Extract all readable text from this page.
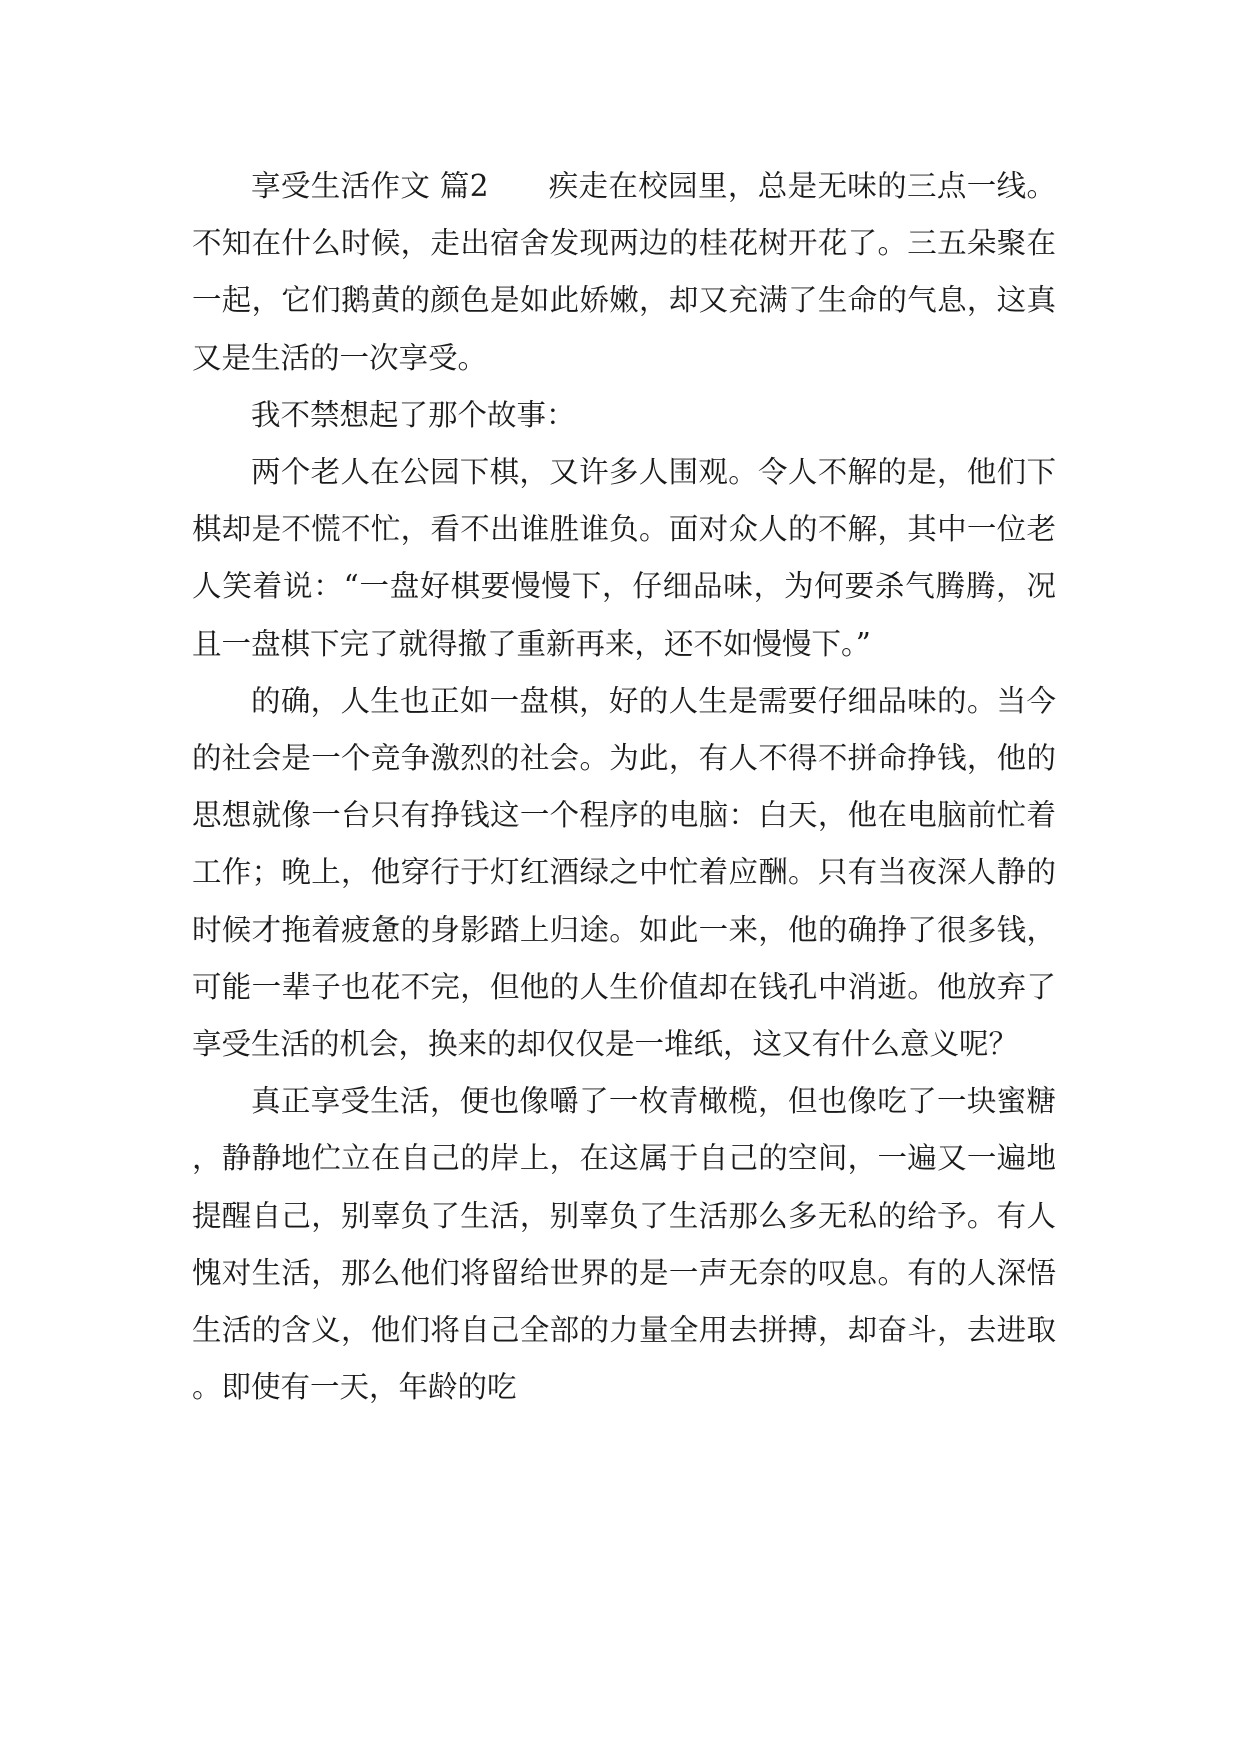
享受生活作文 篇2　　疾走在校园里，总是无味的三点一线。不知在什么时候，走出宿舍发现两边的桂花树开花了。三五朵聚在一起，它们鹅黄的颜色是如此娇嫩，却又充满了生命的气息，这真又是生活的一次享受。

我不禁想起了那个故事：

两个老人在公园下棋，又许多人围观。令人不解的是，他们下棋却是不慌不忙，看不出谁胜谁负。面对众人的不解，其中一位老人笑着说：“一盘好棋要慢慢下，仔细品味，为何要杀气腾腾，况且一盘棋下完了就得撤了重新再来，还不如慢慢下。”

的确，人生也正如一盘棋，好的人生是需要仔细品味的。当今的社会是一个竞争激烈的社会。为此，有人不得不拼命挣钱，他的思想就像一台只有挣钱这一个程序的电脑：白天，他在电脑前忙着工作；晚上，他穿行于灯红酒绿之中忙着应酬。只有当夜深人静的时候才拖着疲惫的身影踏上归途。如此一来，他的确挣了很多钱，可能一辈子也花不完，但他的人生价值却在钱孔中消逝。他放弃了享受生活的机会，换来的却仅仅是一堆纸，这又有什么意义呢？

真正享受生活，便也像嚼了一枚青橄榄，但也像吃了一块蜜糖，静静地伫立在自己的岸上，在这属于自己的空间，一遍又一遍地提醒自己，别辜负了生活，别辜负了生活那么多无私的给予。有人愧对生活，那么他们将留给世界的是一声无奈的叹息。有的人深悟生活的含义，他们将自己全部的力量全用去拼搏，却奋斗，去进取。即使有一天，年龄的吃
